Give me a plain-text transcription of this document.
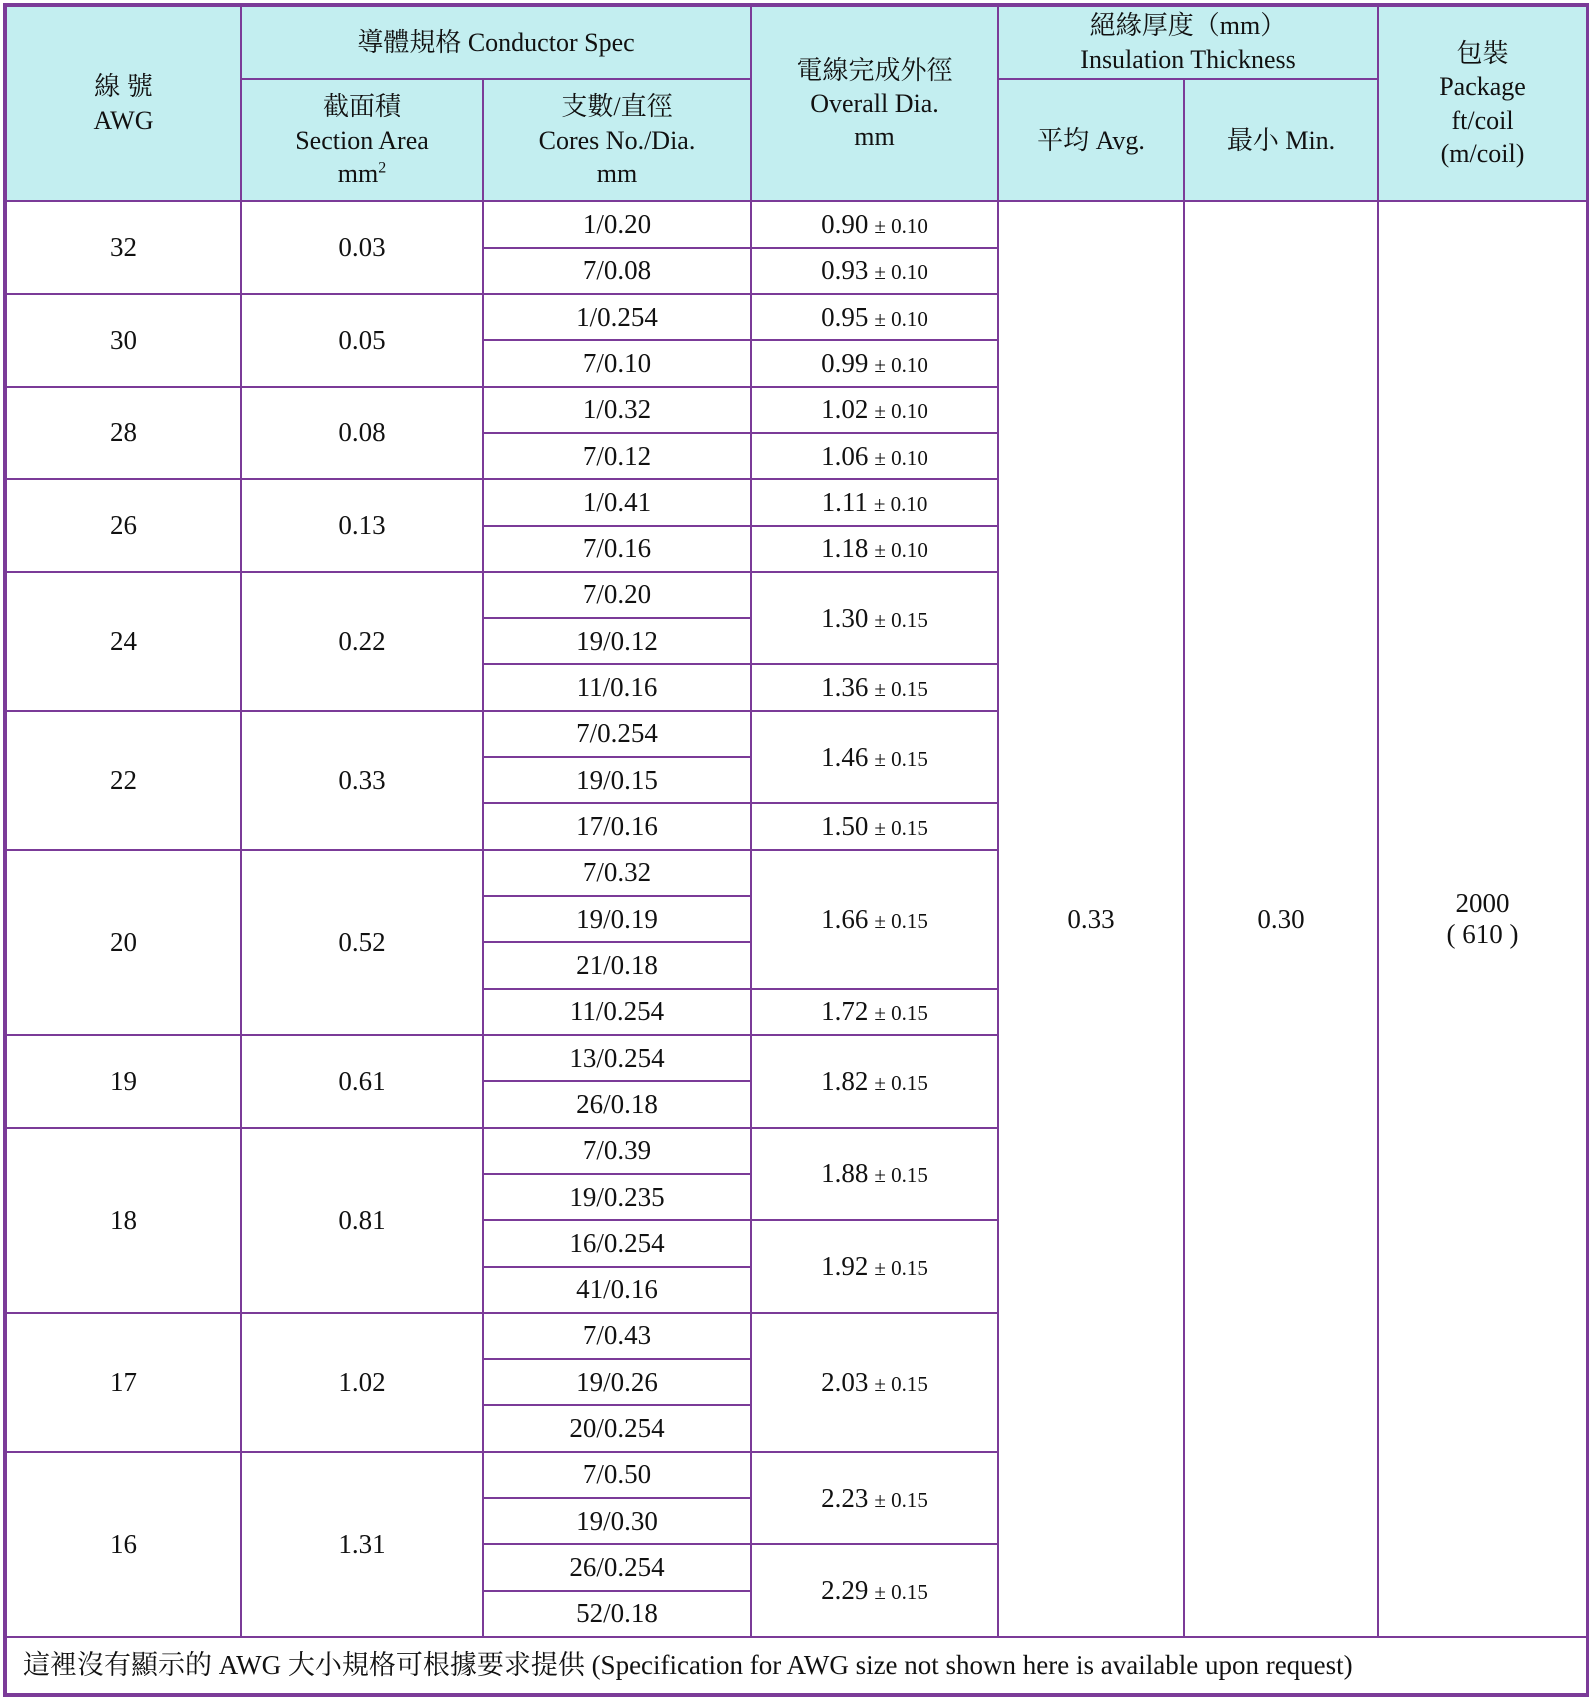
線 號
AWG	導體規格 Conductor Spec		電線完成外徑
Overall Dia.
mm	絕緣厚度（mm）
Insulation Thickness		包裝
Package
ft/coil
(m/coil)

	截面積
Section Area
$mm^2$	支數/直徑
Cores No./Dia.
mm		平均 Avg.	最小 Min.	
32	0.03	1/0.20	0.90 ± 0.10	0.33	0.30	2000
( 610 )

		7/0.08	0.93 ± 0.10			
30	0.05	1/0.254	0.95 ± 0.10			
		7/0.10	0.99 ± 0.10			
28	0.08	1/0.32	1.02 ± 0.10			
		7/0.12	1.06 ± 0.10			
26	0.13	1/0.41	1.11 ± 0.10			
		7/0.16	1.18 ± 0.10			
24	0.22	7/0.20	1.30 ± 0.15			
		19/0.12				
		11/0.16	1.36 ± 0.15			
22	0.33	7/0.254	1.46 ± 0.15			
		19/0.15				
		17/0.16	1.50 ± 0.15			
20	0.52	7/0.32	1.66 ± 0.15			
		19/0.19				
		21/0.18				
		11/0.254	1.72 ± 0.15			
19	0.61	13/0.254	1.82 ± 0.15			
		26/0.18				
18	0.81	7/0.39	1.88 ± 0.15			
		19/0.235				
		16/0.254	1.92 ± 0.15			
		41/0.16				
17	1.02	7/0.43	2.03 ± 0.15			
		19/0.26				
		20/0.254				
16	1.31	7/0.50	2.23 ± 0.15			
		19/0.30				
		26/0.254	2.29 ± 0.15			
		52/0.18				
這裡沒有顯示的 AWG 大小規格可根據要求提供 (Specification for AWG size not shown here is available upon request)						
